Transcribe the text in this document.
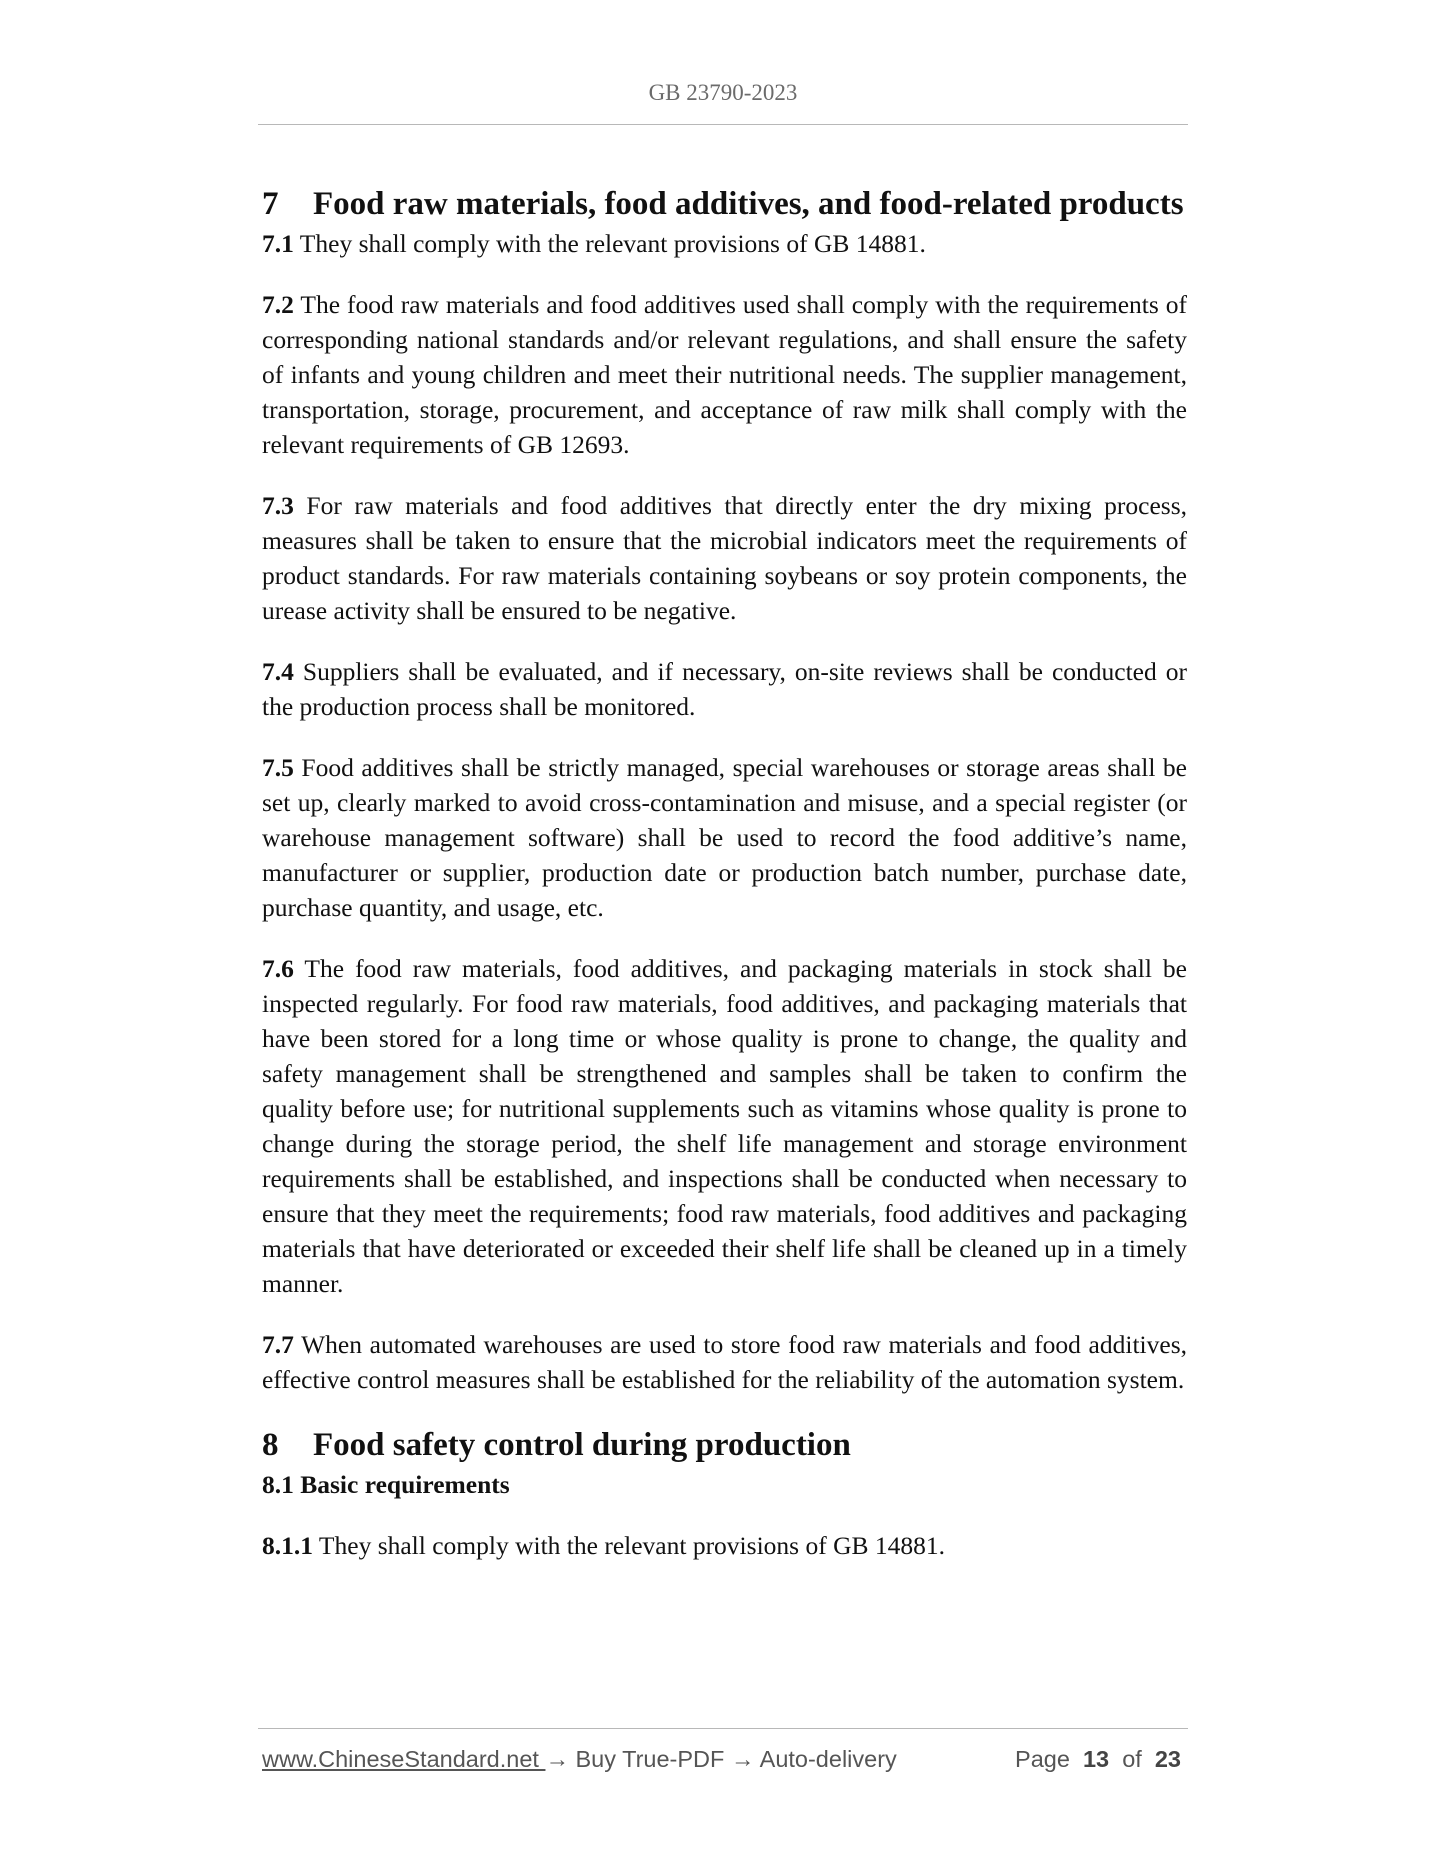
GB 23790-2023
7 Food raw materials, food additives, and food-related products

7.1 They shall comply with the relevant provisions of GB 14881.

7.2 The food raw materials and food additives used shall comply with the requirements of corresponding national standards and/or relevant regulations, and shall ensure the safety of infants and young children and meet their nutritional needs. The supplier management, transportation, storage, procurement, and acceptance of raw milk shall comply with the relevant requirements of GB 12693.

7.3 For raw materials and food additives that directly enter the dry mixing process, measures shall be taken to ensure that the microbial indicators meet the requirements of product standards. For raw materials containing soybeans or soy protein components, the urease activity shall be ensured to be negative.

7.4 Suppliers shall be evaluated, and if necessary, on-site reviews shall be conducted or the production process shall be monitored.

7.5 Food additives shall be strictly managed, special warehouses or storage areas shall be set up, clearly marked to avoid cross-contamination and misuse, and a special register (or warehouse management software) shall be used to record the food additive’s name, manufacturer or supplier, production date or production batch number, purchase date, purchase quantity, and usage, etc.

7.6 The food raw materials, food additives, and packaging materials in stock shall be inspected regularly. For food raw materials, food additives, and packaging materials that have been stored for a long time or whose quality is prone to change, the quality and safety management shall be strengthened and samples shall be taken to confirm the quality before use; for nutritional supplements such as vitamins whose quality is prone to change during the storage period, the shelf life management and storage environment requirements shall be established, and inspections shall be conducted when necessary to ensure that they meet the requirements; food raw materials, food additives and packaging materials that have deteriorated or exceeded their shelf life shall be cleaned up in a timely manner.

7.7 When automated warehouses are used to store food raw materials and food additives, effective control measures shall be established for the reliability of the automation system.

8 Food safety control during production
8.1 Basic requirements

8.1.1 They shall comply with the relevant provisions of GB 14881.

www.ChineseStandard.net → Buy True-PDF → Auto-delivery	Page 13 of 23
